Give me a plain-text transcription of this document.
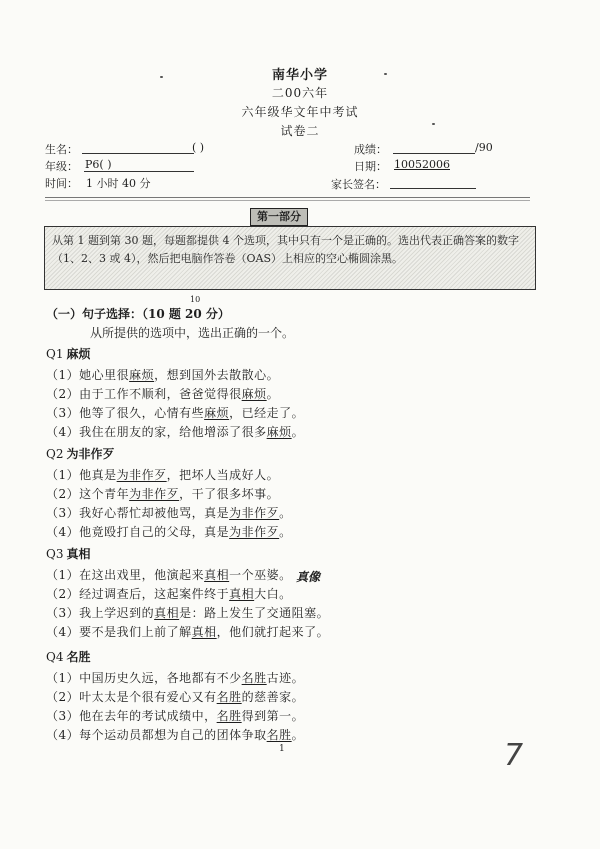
南华小学
二00六年
六年级华文年中考试
试卷二
生名：	( )
年级： P6( )
时间： 1 小时 40 分
成绩：	/90
日期： 10052006
家长签名：
第一部分
从第 1 题到第 30 题，每题都提供 4 个选项，其中只有一个是正确的。选出代表正确答案的数字（1、2、3 或 4），然后把电脑作答卷（OAS）上相应的空心椭圆涂黑。
10
（一）句子选择：（10 题 20 分）
从所提供的选项中，选出正确的一个。
Q1 麻烦
（1）她心里很麻烦，想到国外去散散心。
（2）由于工作不顺利，爸爸觉得很麻烦。
（3）他等了很久，心情有些麻烦，已经走了。
（4）我住在朋友的家，给他增添了很多麻烦。
Q2 为非作歹
（1）他真是为非作歹，把坏人当成好人。
（2）这个青年为非作歹，干了很多坏事。
（3）我好心帮忙却被他骂，真是为非作歹。
（4）他竟殴打自己的父母，真是为非作歹。
Q3 真相
（1）在这出戏里，他演起来真相一个巫婆。
（2）经过调查后，这起案件终于真相大白。
（3）我上学迟到的真相是：路上发生了交通阻塞。
（4）要不是我们上前了解真相，他们就打起来了。
Q4 名胜
（1）中国历史久远，各地都有不少名胜古迹。
（2）叶太太是个很有爱心又有名胜的慈善家。
（3）他在去年的考试成绩中，名胜得到第一。
（4）每个运动员都想为自己的团体争取名胜。
真像
7
1
